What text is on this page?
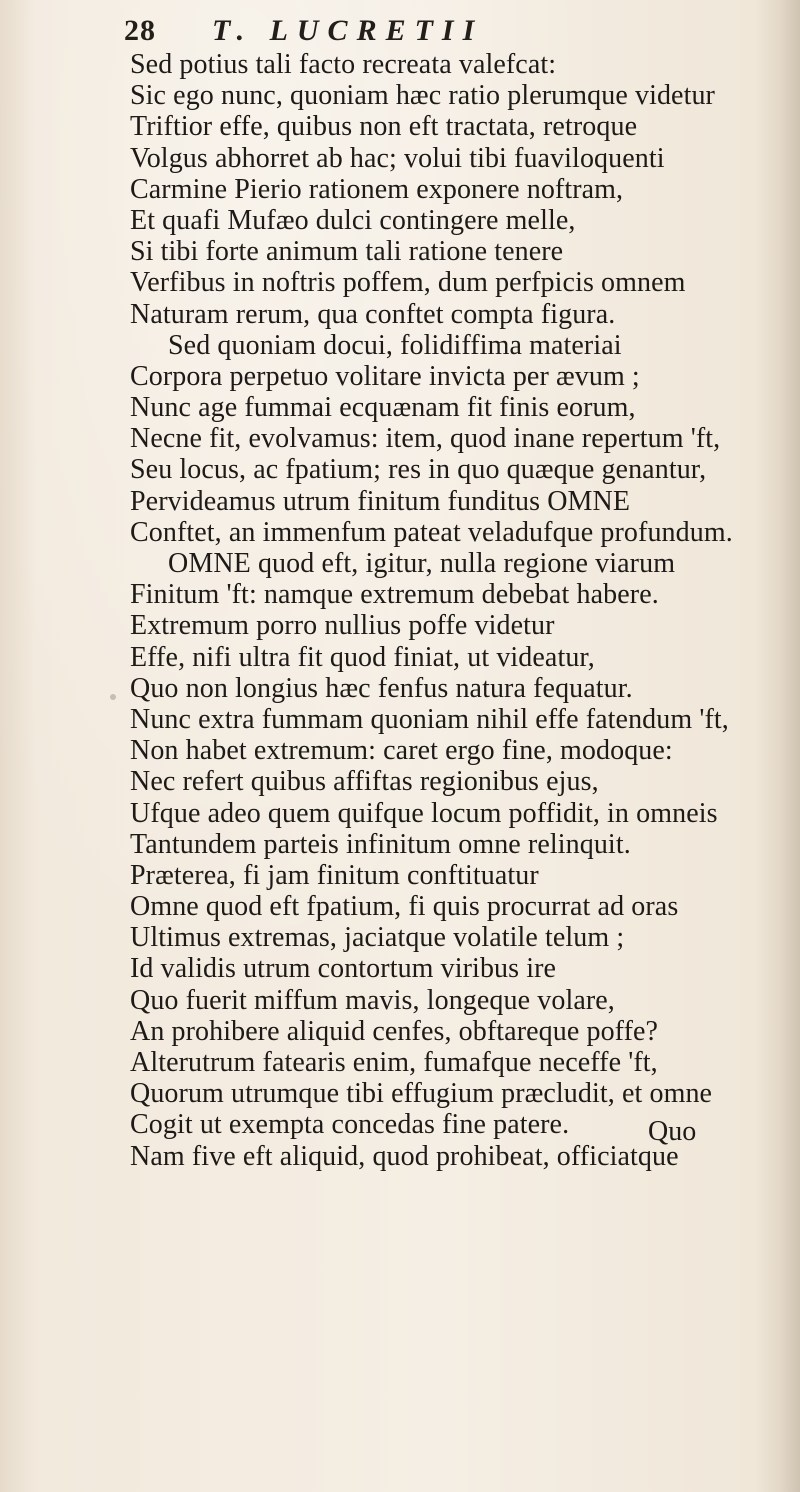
28 T. LUCRETII
Sed potius tali facto recreata valefcat:
Sic ego nunc, quoniam hæc ratio plerumque videtur
Triftior effe, quibus non eft tractata, retroque
Volgus abhorret ab hac; volui tibi fuaviloquenti
Carmine Pierio rationem exponere noftram,
Et quafi Mufæo dulci contingere melle,
Si tibi forte animum tali ratione tenere
Verfibus in noftris poffem, dum perfpicis omnem
Naturam rerum, qua conftet compta figura.
Sed quoniam docui, folidiffima materiai
Corpora perpetuo volitare invicta per ævum ;
Nunc age fummai ecquænam fit finis eorum,
Necne fit, evolvamus: item, quod inane repertum 'ft,
Seu locus, ac fpatium; res in quo quæque genantur,
Pervideamus utrum finitum funditus OMNE
Conftet, an immenfum pateat veladufque profundum.
OMNE quod eft, igitur, nulla regione viarum
Finitum 'ft: namque extremum debebat habere.
Extremum porro nullius poffe videtur
Effe, nifi ultra fit quod finiat, ut videatur,
Quo non longius hæc fenfus natura fequatur.
Nunc extra fummam quoniam nihil effe fatendum 'ft,
Non habet extremum: caret ergo fine, modoque:
Nec refert quibus affiftas regionibus ejus,
Ufque adeo quem quifque locum poffidit, in omneis
Tantundem parteis infinitum omne relinquit.
Præterea, fi jam finitum conftituatur
Omne quod eft fpatium, fi quis procurrat ad oras
Ultimus extremas, jaciatque volatile telum ;
Id validis utrum contortum viribus ire
Quo fuerit miffum mavis, longeque volare,
An prohibere aliquid cenfes, obftareque poffe?
Alterutrum fatearis enim, fumafque neceffe 'ft,
Quorum utrumque tibi effugium præcludit, et omne
Cogit ut exempta concedas fine patere.
Nam five eft aliquid, quod prohibeat, officiatque
Quo
